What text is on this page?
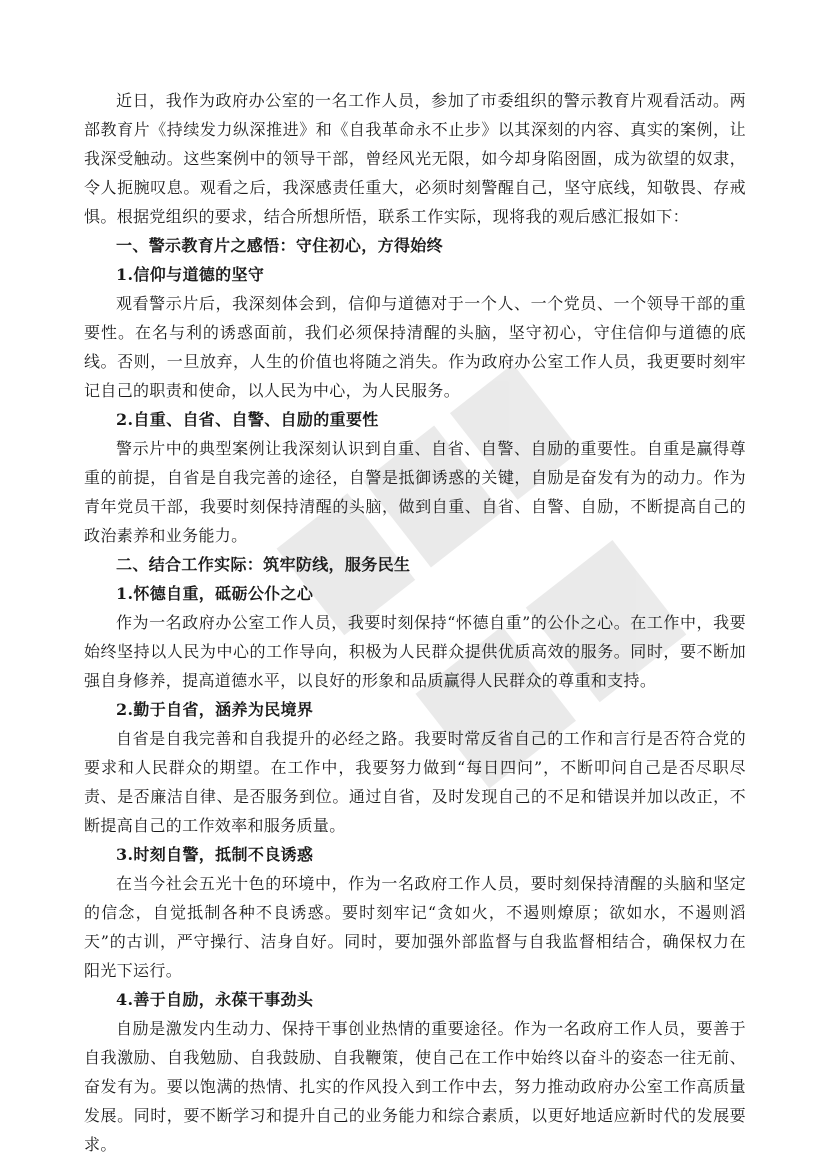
近日，我作为政府办公室的一名工作人员，参加了市委组织的警示教育片观看活动。两部教育片《持续发力纵深推进》和《自我革命永不止步》以其深刻的内容、真实的案例，让我深受触动。这些案例中的领导干部，曾经风光无限，如今却身陷囹圄，成为欲望的奴隶，令人扼腕叹息。观看之后，我深感责任重大，必须时刻警醒自己，坚守底线，知敬畏、存戒惧。根据党组织的要求，结合所想所悟，联系工作实际，现将我的观后感汇报如下：

一、警示教育片之感悟：守住初心，方得始终

1.信仰与道德的坚守

观看警示片后，我深刻体会到，信仰与道德对于一个人、一个党员、一个领导干部的重要性。在名与利的诱惑面前，我们必须保持清醒的头脑，坚守初心，守住信仰与道德的底线。否则，一旦放弃，人生的价值也将随之消失。作为政府办公室工作人员，我更要时刻牢记自己的职责和使命，以人民为中心，为人民服务。

2.自重、自省、自警、自励的重要性

警示片中的典型案例让我深刻认识到自重、自省、自警、自励的重要性。自重是赢得尊重的前提，自省是自我完善的途径，自警是抵御诱惑的关键，自励是奋发有为的动力。作为青年党员干部，我要时刻保持清醒的头脑，做到自重、自省、自警、自励，不断提高自己的政治素养和业务能力。

二、结合工作实际：筑牢防线，服务民生

1.怀德自重，砥砺公仆之心

作为一名政府办公室工作人员，我要时刻保持“怀德自重”的公仆之心。在工作中，我要始终坚持以人民为中心的工作导向，积极为人民群众提供优质高效的服务。同时，要不断加强自身修养，提高道德水平，以良好的形象和品质赢得人民群众的尊重和支持。

2.勤于自省，涵养为民境界

自省是自我完善和自我提升的必经之路。我要时常反省自己的工作和言行是否符合党的要求和人民群众的期望。在工作中，我要努力做到“每日四问”，不断叩问自己是否尽职尽责、是否廉洁自律、是否服务到位。通过自省，及时发现自己的不足和错误并加以改正，不断提高自己的工作效率和服务质量。

3.时刻自警，抵制不良诱惑

在当今社会五光十色的环境中，作为一名政府工作人员，要时刻保持清醒的头脑和坚定的信念，自觉抵制各种不良诱惑。要时刻牢记“贪如火，不遏则燎原；欲如水，不遏则滔天”的古训，严守操行、洁身自好。同时，要加强外部监督与自我监督相结合，确保权力在阳光下运行。

4.善于自励，永葆干事劲头

自励是激发内生动力、保持干事创业热情的重要途径。作为一名政府工作人员，要善于自我激励、自我勉励、自我鼓励、自我鞭策，使自己在工作中始终以奋斗的姿态一往无前、奋发有为。要以饱满的热情、扎实的作风投入到工作中去，努力推动政府办公室工作高质量发展。同时，要不断学习和提升自己的业务能力和综合素质，以更好地适应新时代的发展要求。
